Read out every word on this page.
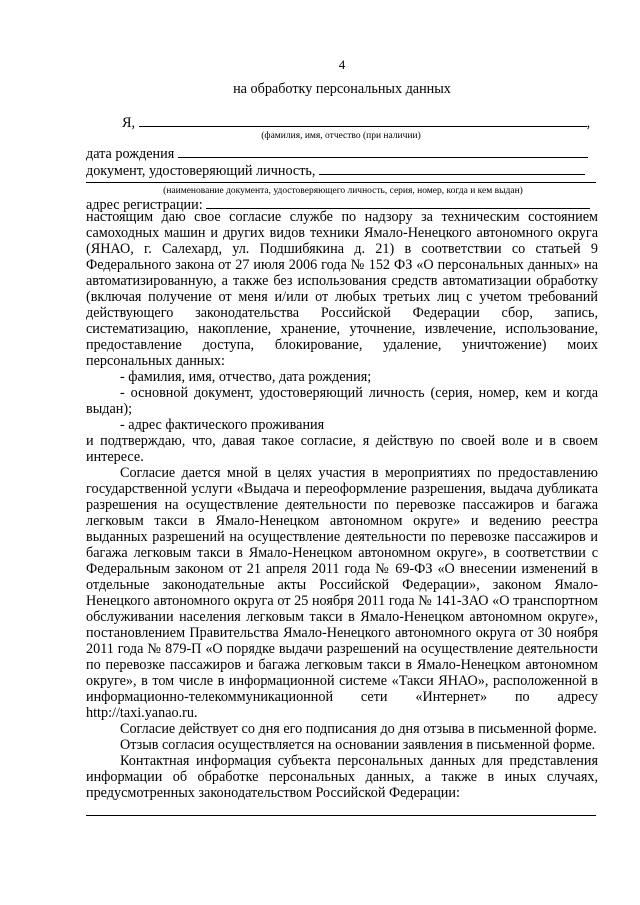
4
на обработку персональных данных
Я,	,
(фамилия, имя, отчество (при наличии)
дата рождения
документ, удостоверяющий личность,
(наименование документа, удостоверяющего личность, серия, номер, когда и кем выдан)
адрес регистрации:

настоящим даю свое согласие службе по надзору за техническим состоянием самоходных машин и других видов техники Ямало-Ненецкого автономного округа (ЯНАО, г. Салехард, ул. Подшибякина д. 21) в соответствии со статьей 9 Федерального закона от 27 июля 2006 года № 152 ФЗ «О персональных данных» на автоматизированную, а также без использования средств автоматизации обработку (включая получение от меня и/или от любых третьих лиц с учетом требований действующего законодательства Российской Федерации сбор, запись, систематизацию, накопление, хранение, уточнение, извлечение, использование, предоставление доступа, блокирование, удаление, уничтожение) моих персональных данных:

- фамилия, имя, отчество, дата рождения;

- основной документ, удостоверяющий личность (серия, номер, кем и когда выдан);

- адрес фактического проживания

и подтверждаю, что, давая такое согласие, я действую по своей воле и в своем интересе.

Согласие дается мной в целях участия в мероприятиях по предоставлению государственной услуги «Выдача и переоформление разрешения, выдача дубликата разрешения на осуществление деятельности по перевозке пассажиров и багажа легковым такси в Ямало-Ненецком автономном округе» и ведению реестра выданных разрешений на осуществление деятельности по перевозке пассажиров и багажа легковым такси в Ямало-Ненецком автономном округе», в соответствии с Федеральным законом от 21 апреля 2011 года № 69-ФЗ «О внесении изменений в отдельные законодательные акты Российской Федерации», законом Ямало-Ненецкого автономного округа от 25 ноября 2011 года № 141-ЗАО «О транспортном обслуживании населения легковым такси в Ямало-Ненецком автономном округе», постановлением Правительства Ямало-Ненецкого автономного округа от 30 ноября 2011 года № 879-П «О порядке выдачи разрешений на осуществление деятельности по перевозке пассажиров и багажа легковым такси в Ямало-Ненецком автономном округе», в том числе в информационной системе «Такси ЯНАО», расположенной в информационно-телекоммуникационной сети «Интернет» по адресу http://taxi.yanao.ru.

Согласие действует со дня его подписания до дня отзыва в письменной форме.

Отзыв согласия осуществляется на основании заявления в письменной форме.

Контактная информация субъекта персональных данных для представления информации об обработке персональных данных, а также в иных случаях, предусмотренных законодательством Российской Федерации:
